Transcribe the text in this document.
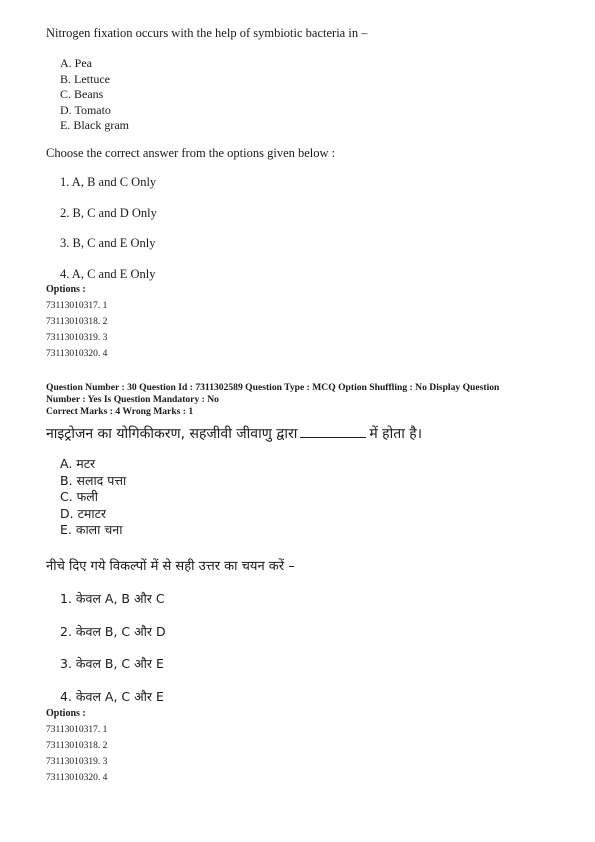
Nitrogen fixation occurs with the help of symbiotic bacteria in –
A. Pea
B. Lettuce
C. Beans
D. Tomato
E. Black gram
Choose the correct answer from the options given below :
1. A, B and C Only
2. B, C and D Only
3. B, C and E Only
4. A, C and E Only
Options :
73113010317. 1
73113010318. 2
73113010319. 3
73113010320. 4
Question Number : 30 Question Id : 7311302589 Question Type : MCQ Option Shuffling : No Display Question
Number : Yes Is Question Mandatory : No
Correct Marks : 4 Wrong Marks : 1
नाइट्रोजन का योगिकीकरण, सहजीवी जीवाणु द्वारा	में होता है।
A. मटर
B. सलाद पत्ता
C. फली
D. टमाटर
E. काला चना
नीचे दिए गये विकल्पों में से सही उत्तर का चयन करें –
1. केवल A, B और C
2. केवल B, C और D
3. केवल B, C और E
4. केवल A, C और E
Options :
73113010317. 1
73113010318. 2
73113010319. 3
73113010320. 4
